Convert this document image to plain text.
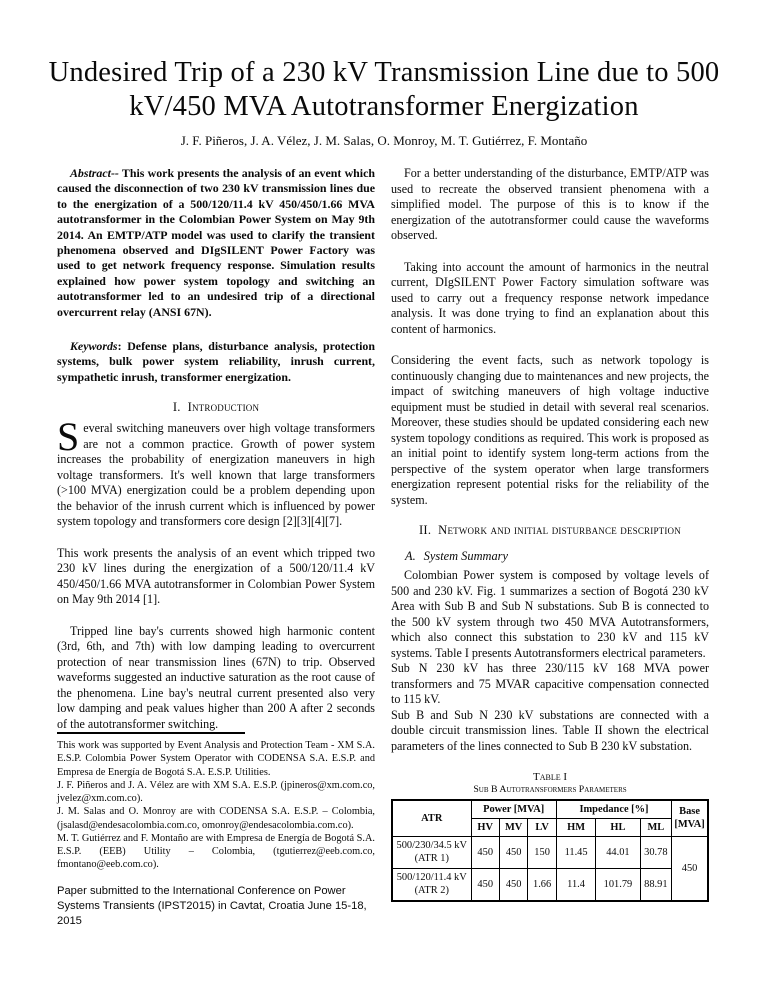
Undesired Trip of a 230 kV Transmission Line due to 500 kV/450 MVA Autotransformer Energization
J. F. Piñeros, J. A. Vélez, J. M. Salas, O. Monroy, M. T. Gutiérrez, F. Montaño

Abstract-- This work presents the analysis of an event which caused the disconnection of two 230 kV transmission lines due to the energization of a 500/120/11.4 kV 450/450/1.66 MVA autotransformer in the Colombian Power System on May 9th 2014. An EMTP/ATP model was used to clarify the transient phenomena observed and DIgSILENT Power Factory was used to get network frequency response. Simulation results explained how power system topology and switching an autotransformer led to an undesired trip of a directional overcurrent relay (ANSI 67N).

Keywords: Defense plans, disturbance analysis, protection systems, bulk power system reliability, inrush current, sympathetic inrush, transformer energization.

I. Introduction

Several switching maneuvers over high voltage transformers are not a common practice. Growth of power system increases the probability of energization maneuvers in high voltage transformers. It's well known that large transformers (>100 MVA) energization could be a problem depending upon the behavior of the inrush current which is influenced by power system topology and transformers core design [2][3][4][7].

This work presents the analysis of an event which tripped two 230 kV lines during the energization of a 500/120/11.4 kV 450/450/1.66 MVA autotransformer in Colombian Power System on May 9th 2014 [1].

Tripped line bay's currents showed high harmonic content (3rd, 6th, and 7th) with low damping leading to overcurrent protection of near transmission lines (67N) to trip. Observed waveforms suggested an inductive saturation as the root cause of the phenomena. Line bay's neutral current presented also very low damping and peak values higher than 200 A after 2 seconds of the autotransformer switching.

This work was supported by Event Analysis and Protection Team - XM S.A. E.S.P. Colombia Power System Operator with CODENSA S.A. E.S.P. and Empresa de Energía de Bogotá S.A. E.S.P. Utilities.

J. F. Piñeros and J. A. Vélez are with XM S.A. E.S.P. (jpineros@xm.com.co, jvelez@xm.com.co).

J. M. Salas and O. Monroy are with CODENSA S.A. E.S.P. – Colombia, (jsalasd@endesacolombia.com.co, omonroy@endesacolombia.com.co).

M. T. Gutiérrez and F. Montaño are with Empresa de Energía de Bogotá S.A. E.S.P. (EEB) Utility – Colombia, (tgutierrez@eeb.com.co, fmontano@eeb.com.co).

Paper submitted to the International Conference on Power Systems Transients (IPST2015) in Cavtat, Croatia June 15-18, 2015

For a better understanding of the disturbance, EMTP/ATP was used to recreate the observed transient phenomena with a simplified model. The purpose of this is to know if the energization of the autotransformer could cause the waveforms observed.

Taking into account the amount of harmonics in the neutral current, DIgSILENT Power Factory simulation software was used to carry out a frequency response network impedance analysis. It was done trying to find an explanation about this content of harmonics.

Considering the event facts, such as network topology is continuously changing due to maintenances and new projects, the impact of switching maneuvers of high voltage inductive equipment must be studied in detail with several real scenarios. Moreover, these studies should be updated considering each new system topology conditions as required. This work is proposed as an initial point to identify system long-term actions from the perspective of the system operator when large transformers energization represent potential risks for the reliability of the system.

II. Network and initial disturbance description
A. System Summary

Colombian Power system is composed by voltage levels of 500 and 230 kV. Fig. 1 summarizes a section of Bogotá 230 kV Area with Sub B and Sub N substations. Sub B is connected to the 500 kV system through two 450 MVA Autotransformers, which also connect this substation to 230 kV and 115 kV systems. Table I presents Autotransformers electrical parameters.

Sub N 230 kV has three 230/115 kV 168 MVA power transformers and 75 MVAR capacitive compensation connected to 115 kV.

Sub B and Sub N 230 kV substations are connected with a double circuit transmission lines. Table II shown the electrical parameters of the lines connected to Sub B 230 kV substation.

Table I
Sub B Autotransformers Parameters
ATR	Power [MVA]			Impedance [%]			Base
[MVA]
	HV	MV	LV	HM	HL	ML	
500/230/34.5 kV
(ATR 1)	450	450	150	11.45	44.01	30.78	450
500/120/11.4 kV
(ATR 2)	450	450	1.66	11.4	101.79	88.91	
